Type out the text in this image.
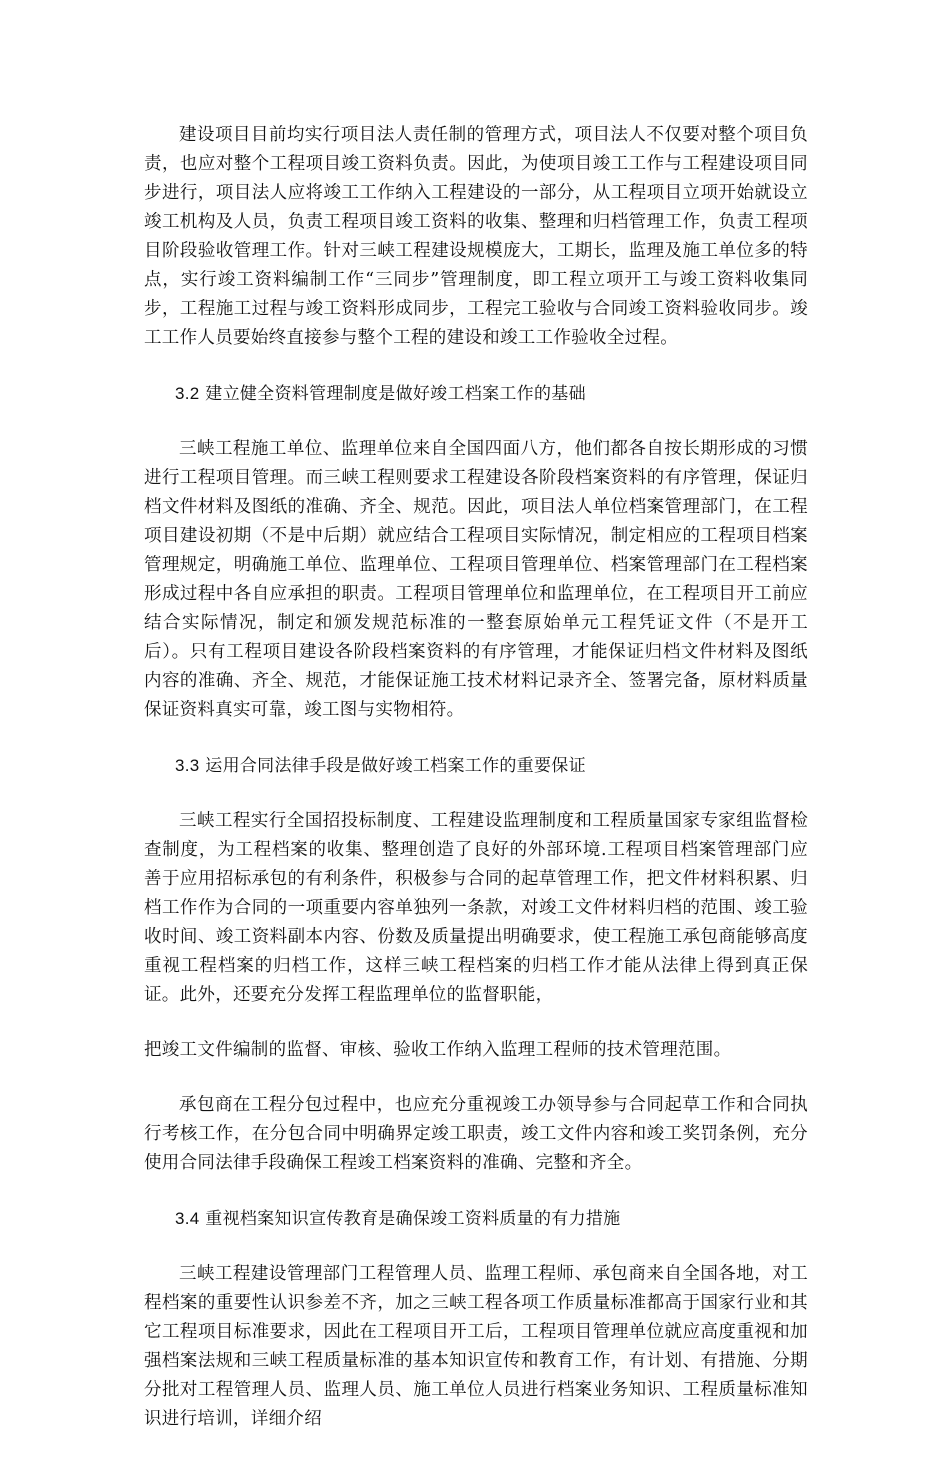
建设项目目前均实行项目法人责任制的管理方式，项目法人不仅要对整个项目负责，也应对整个工程项目竣工资料负责。因此，为使项目竣工工作与工程建设项目同步进行，项目法人应将竣工工作纳入工程建设的一部分，从工程项目立项开始就设立竣工机构及人员，负责工程项目竣工资料的收集、整理和归档管理工作，负责工程项目阶段验收管理工作。针对三峡工程建设规模庞大，工期长，监理及施工单位多的特点，实行竣工资料编制工作“三同步”管理制度，即工程立项开工与竣工资料收集同步，工程施工过程与竣工资料形成同步，工程完工验收与合同竣工资料验收同步。竣工工作人员要始终直接参与整个工程的建设和竣工工作验收全过程。

3.2 建立健全资料管理制度是做好竣工档案工作的基础

三峡工程施工单位、监理单位来自全国四面八方，他们都各自按长期形成的习惯进行工程项目管理。而三峡工程则要求工程建设各阶段档案资料的有序管理，保证归档文件材料及图纸的准确、齐全、规范。因此，项目法人单位档案管理部门，在工程项目建设初期（不是中后期）就应结合工程项目实际情况，制定相应的工程项目档案管理规定，明确施工单位、监理单位、工程项目管理单位、档案管理部门在工程档案形成过程中各自应承担的职责。工程项目管理单位和监理单位，在工程项目开工前应结合实际情况，制定和颁发规范标准的一整套原始单元工程凭证文件（不是开工后）。只有工程项目建设各阶段档案资料的有序管理，才能保证归档文件材料及图纸内容的准确、齐全、规范，才能保证施工技术材料记录齐全、签署完备，原材料质量保证资料真实可靠，竣工图与实物相符。

3.3 运用合同法律手段是做好竣工档案工作的重要保证

三峡工程实行全国招投标制度、工程建设监理制度和工程质量国家专家组监督检查制度，为工程档案的收集、整理创造了良好的外部环境.工程项目档案管理部门应善于应用招标承包的有利条件，积极参与合同的起草管理工作，把文件材料积累、归档工作作为合同的一项重要内容单独列一条款，对竣工文件材料归档的范围、竣工验收时间、竣工资料副本内容、份数及质量提出明确要求，使工程施工承包商能够高度重视工程档案的归档工作，这样三峡工程档案的归档工作才能从法律上得到真正保证。此外，还要充分发挥工程监理单位的监督职能，

把竣工文件编制的监督、审核、验收工作纳入监理工程师的技术管理范围。

承包商在工程分包过程中，也应充分重视竣工办领导参与合同起草工作和合同执行考核工作，在分包合同中明确界定竣工职责，竣工文件内容和竣工奖罚条例，充分使用合同法律手段确保工程竣工档案资料的准确、完整和齐全。

3.4 重视档案知识宣传教育是确保竣工资料质量的有力措施

三峡工程建设管理部门工程管理人员、监理工程师、承包商来自全国各地，对工程档案的重要性认识参差不齐，加之三峡工程各项工作质量标准都高于国家行业和其它工程项目标准要求，因此在工程项目开工后，工程项目管理单位就应高度重视和加强档案法规和三峡工程质量标准的基本知识宣传和教育工作，有计划、有措施、分期分批对工程管理人员、监理人员、施工单位人员进行档案业务知识、工程质量标准知识进行培训，详细介绍
